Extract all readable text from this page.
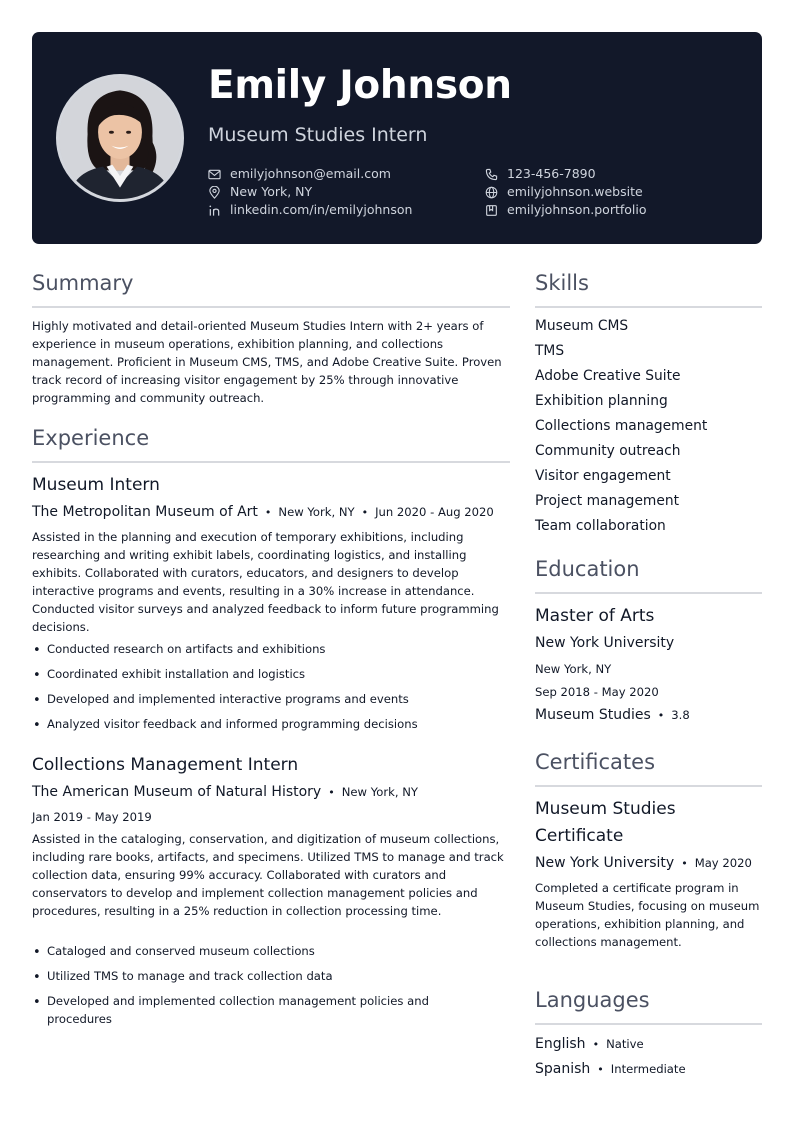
Emily Johnson
Museum Studies Intern
emilyjohnson@email.com
New York, NY
linkedin.com/in/emilyjohnson
123-456-7890
emilyjohnson.website
emilyjohnson.portfolio
Summary
Highly motivated and detail-oriented Museum Studies Intern with 2+ years of experience in museum operations, exhibition planning, and collections management. Proficient in Museum CMS, TMS, and Adobe Creative Suite. Proven track record of increasing visitor engagement by 25% through innovative programming and community outreach.
Experience
Museum Intern
The Metropolitan Museum of Art • New York, NY • Jun 2020 - Aug 2020
Assisted in the planning and execution of temporary exhibitions, including researching and writing exhibit labels, coordinating logistics, and installing exhibits. Collaborated with curators, educators, and designers to develop interactive programs and events, resulting in a 30% increase in attendance. Conducted visitor surveys and analyzed feedback to inform future programming decisions.
• Conducted research on artifacts and exhibitions
• Coordinated exhibit installation and logistics
• Developed and implemented interactive programs and events
• Analyzed visitor feedback and informed programming decisions
Collections Management Intern
The American Museum of Natural History • New York, NY
Jan 2019 - May 2019
Assisted in the cataloging, conservation, and digitization of museum collections, including rare books, artifacts, and specimens. Utilized TMS to manage and track collection data, ensuring 99% accuracy. Collaborated with curators and conservators to develop and implement collection management policies and procedures, resulting in a 25% reduction in collection processing time.
• Cataloged and conserved museum collections
• Utilized TMS to manage and track collection data
• Developed and implemented collection management policies and procedures
Skills
Museum CMS
TMS
Adobe Creative Suite
Exhibition planning
Collections management
Community outreach
Visitor engagement
Project management
Team collaboration
Education
Master of Arts
New York University
New York, NY
Sep 2018 - May 2020
Museum Studies • 3.8
Certificates
Museum Studies
Certificate
New York University • May 2020
Completed a certificate program in Museum Studies, focusing on museum operations, exhibition planning, and collections management.
Languages
English • Native
Spanish • Intermediate
